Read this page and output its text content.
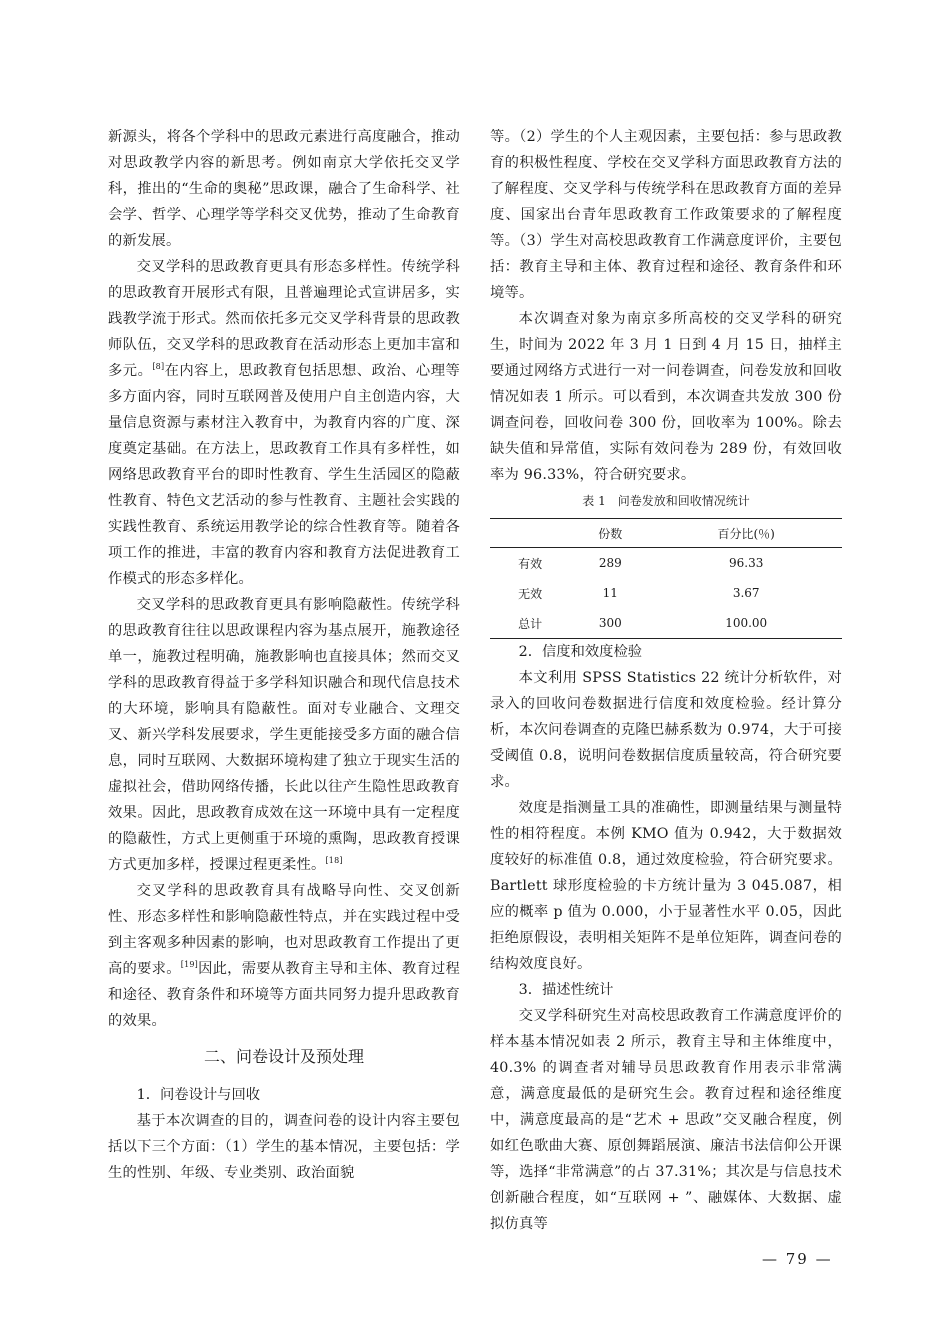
新源头，将各个学科中的思政元素进行高度融合，推动对思政教学内容的新思考。例如南京大学依托交叉学科，推出的“生命的奥秘”思政课，融合了生命科学、社会学、哲学、心理学等学科交叉优势，推动了生命教育的新发展。

交叉学科的思政教育更具有形态多样性。传统学科的思政教育开展形式有限，且普遍理论式宣讲居多，实践教学流于形式。然而依托多元交叉学科背景的思政教师队伍，交叉学科的思政教育在活动形态上更加丰富和多元。[8]在内容上，思政教育包括思想、政治、心理等多方面内容，同时互联网普及使用户自主创造内容，大量信息资源与素材注入教育中，为教育内容的广度、深度奠定基础。在方法上，思政教育工作具有多样性，如网络思政教育平台的即时性教育、学生生活园区的隐蔽性教育、特色文艺活动的参与性教育、主题社会实践的实践性教育、系统运用教学论的综合性教育等。随着各项工作的推进，丰富的教育内容和教育方法促进教育工作模式的形态多样化。

交叉学科的思政教育更具有影响隐蔽性。传统学科的思政教育往往以思政课程内容为基点展开，施教途径单一，施教过程明确，施教影响也直接具体；然而交叉学科的思政教育得益于多学科知识融合和现代信息技术的大环境，影响具有隐蔽性。面对专业融合、文理交叉、新兴学科发展要求，学生更能接受多方面的融合信息，同时互联网、大数据环境构建了独立于现实生活的虚拟社会，借助网络传播，长此以往产生隐性思政教育效果。因此，思政教育成效在这一环境中具有一定程度的隐蔽性，方式上更侧重于环境的熏陶，思政教育授课方式更加多样，授课过程更柔性。[18]

交叉学科的思政教育具有战略导向性、交叉创新性、形态多样性和影响隐蔽性特点，并在实践过程中受到主客观多种因素的影响，也对思政教育工作提出了更高的要求。[19]因此，需要从教育主导和主体、教育过程和途径、教育条件和环境等方面共同努力提升思政教育的效果。

二、问卷设计及预处理

1．问卷设计与回收

基于本次调查的目的，调查问卷的设计内容主要包括以下三个方面：（1）学生的基本情况，主要包括：学生的性别、年级、专业类别、政治面貌

等。（2）学生的个人主观因素，主要包括：参与思政教育的积极性程度、学校在交叉学科方面思政教育方法的了解程度、交叉学科与传统学科在思政教育方面的差异度、国家出台青年思政教育工作政策要求的了解程度等。（3）学生对高校思政教育工作满意度评价，主要包括：教育主导和主体、教育过程和途径、教育条件和环境等。

本次调查对象为南京多所高校的交叉学科的研究生，时间为 2022 年 3 月 1 日到 4 月 15 日，抽样主要通过网络方式进行一对一问卷调查，问卷发放和回收情况如表 1 所示。可以看到，本次调查共发放 300 份调查问卷，回收问卷 300 份，回收率为 100%。除去缺失值和异常值，实际有效问卷为 289 份，有效回收率为 96.33%，符合研究要求。

表 1　问卷发放和回收情况统计
	份数	百分比(％)
有效	289	96.33
无效	11	3.67
总计	300	100.00

2．信度和效度检验

本文利用 SPSS Statistics 22 统计分析软件，对录入的回收问卷数据进行信度和效度检验。经计算分析，本次问卷调查的克隆巴赫系数为 0.974，大于可接受阈值 0.8，说明问卷数据信度质量较高，符合研究要求。

效度是指测量工具的准确性，即测量结果与测量特性的相符程度。本例 KMO 值为 0.942，大于数据效度较好的标准值 0.8，通过效度检验，符合研究要求。Bartlett 球形度检验的卡方统计量为 3 045.087，相应的概率 p 值为 0.000，小于显著性水平 0.05，因此拒绝原假设，表明相关矩阵不是单位矩阵，调查问卷的结构效度良好。

3．描述性统计

交叉学科研究生对高校思政教育工作满意度评价的样本基本情况如表 2 所示，教育主导和主体维度中，40.3% 的调查者对辅导员思政教育作用表示非常满意，满意度最低的是研究生会。教育过程和途径维度中，满意度最高的是“艺术 + 思政”交叉融合程度，例如红色歌曲大赛、原创舞蹈展演、廉洁书法信仰公开课等，选择“非常满意”的占 37.31%；其次是与信息技术创新融合程度，如“互联网 + ”、融媒体、大数据、虚拟仿真等

— 79 —
